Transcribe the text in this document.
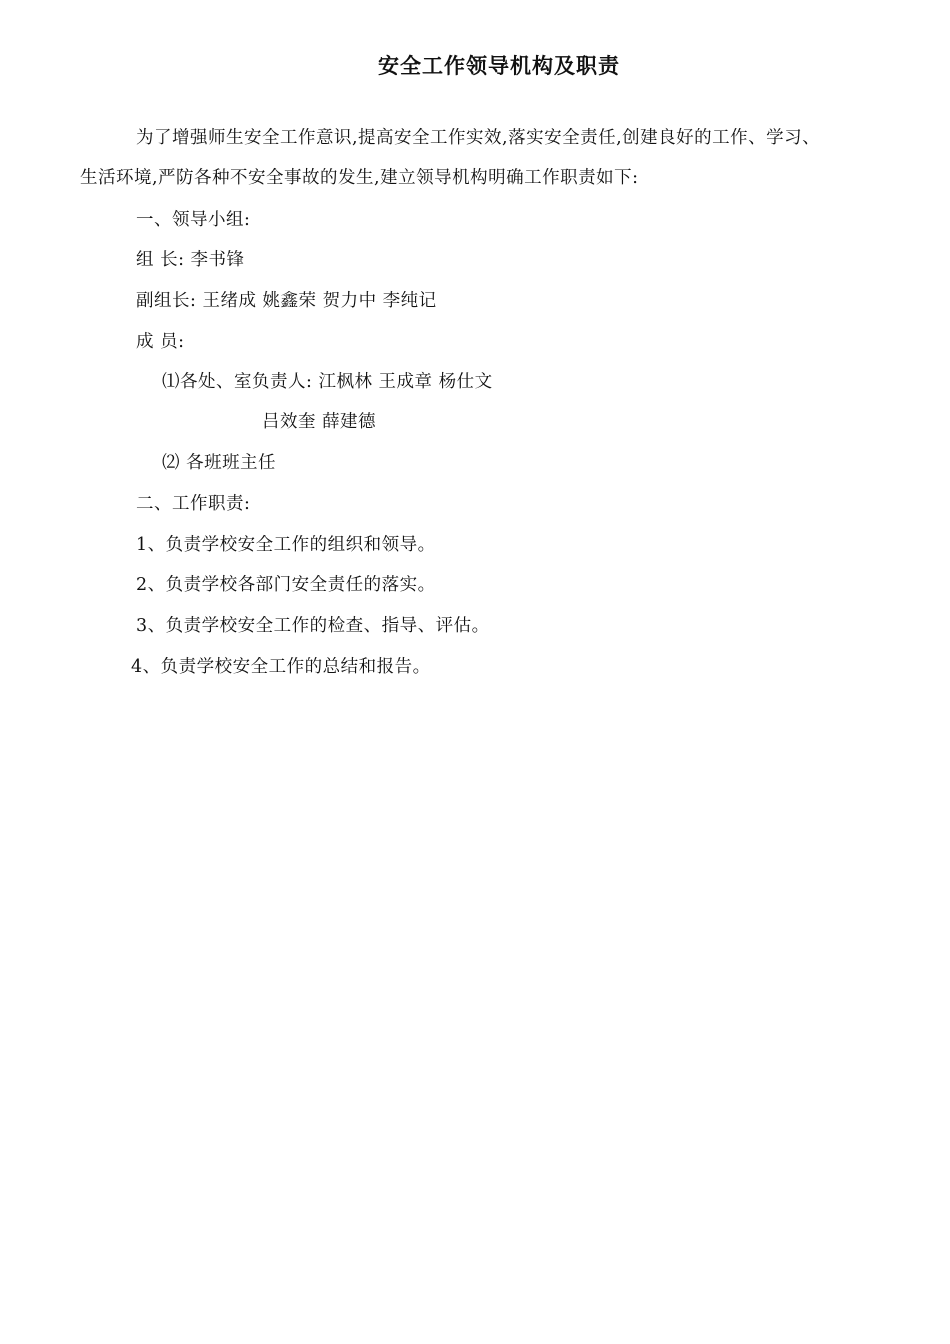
安全工作领导机构及职责
为了增强师生安全工作意识,提高安全工作实效,落实安全责任,创建良好的工作、学习、
生活环境,严防各种不安全事故的发生,建立领导机构明确工作职责如下:
一、领导小组:
组 长: 李书锋
副组长: 王绪成 姚鑫荣 贺力中 李纯记
成 员:
⑴各处、室负责人: 江枫林 王成章 杨仕文
吕效奎 薛建德
⑵ 各班班主任
二、工作职责:
1、负责学校安全工作的组织和领导。
2、负责学校各部门安全责任的落实。
3、负责学校安全工作的检查、指导、评估。
4、负责学校安全工作的总结和报告。
